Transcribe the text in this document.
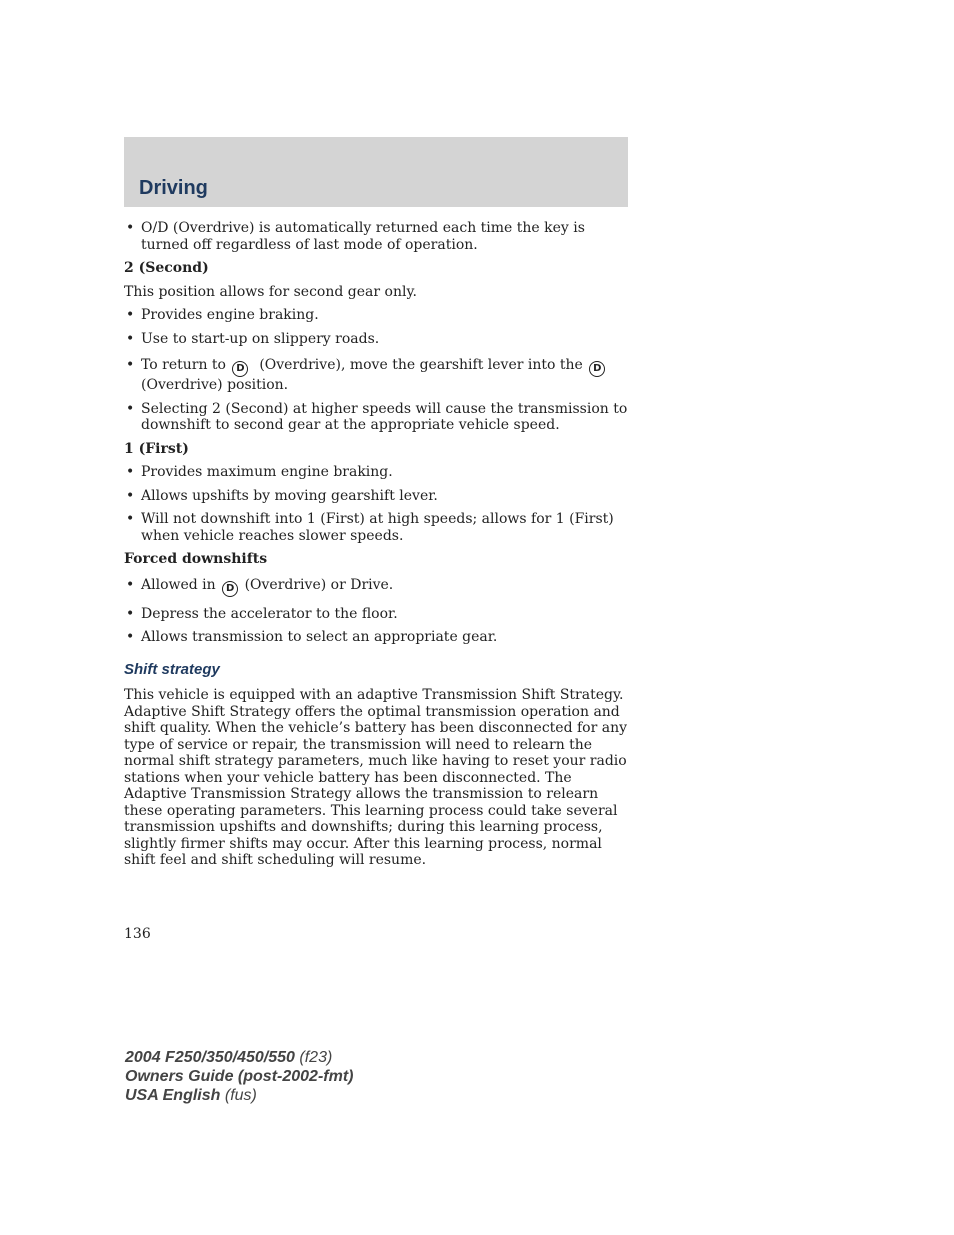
Driving
• O/D (Overdrive) is automatically returned each time the key is turned off regardless of last mode of operation.
2 (Second)
This position allows for second gear only.
• Provides engine braking.
• Use to start-up on slippery roads.
• To return to D (Overdrive), move the gearshift lever into the D (Overdrive) position.
• Selecting 2 (Second) at higher speeds will cause the transmission to downshift to second gear at the appropriate vehicle speed.
1 (First)
• Provides maximum engine braking.
• Allows upshifts by moving gearshift lever.
• Will not downshift into 1 (First) at high speeds; allows for 1 (First) when vehicle reaches slower speeds.
Forced downshifts
• Allowed in D (Overdrive) or Drive.
• Depress the accelerator to the floor.
• Allows transmission to select an appropriate gear.
Shift strategy
This vehicle is equipped with an adaptive Transmission Shift Strategy. Adaptive Shift Strategy offers the optimal transmission operation and shift quality. When the vehicle’s battery has been disconnected for any type of service or repair, the transmission will need to relearn the normal shift strategy parameters, much like having to reset your radio stations when your vehicle battery has been disconnected. The Adaptive Transmission Strategy allows the transmission to relearn these operating parameters. This learning process could take several transmission upshifts and downshifts; during this learning process, slightly firmer shifts may occur. After this learning process, normal shift feel and shift scheduling will resume.
136
2004 F250/350/450/550 (f23)
Owners Guide (post-2002-fmt)
USA English (fus)
